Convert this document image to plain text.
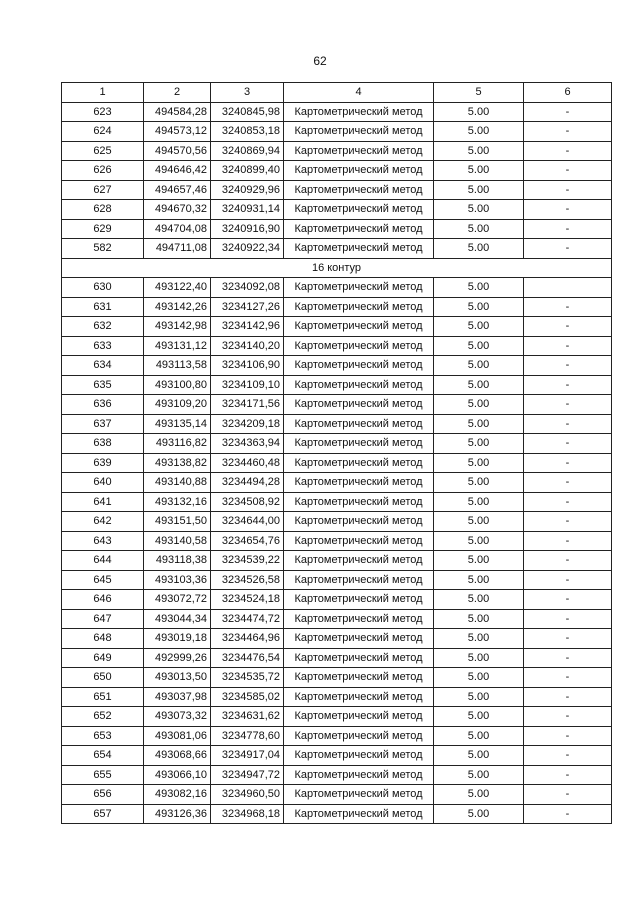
62
1	2	3	4	5	6
623	494584,28	3240845,98	Картометрический метод	5.00	-
624	494573,12	3240853,18	Картометрический метод	5.00	-
625	494570,56	3240869,94	Картометрический метод	5.00	-
626	494646,42	3240899,40	Картометрический метод	5.00	-
627	494657,46	3240929,96	Картометрический метод	5.00	-
628	494670,32	3240931,14	Картометрический метод	5.00	-
629	494704,08	3240916,90	Картометрический метод	5.00	-
582	494711,08	3240922,34	Картометрический метод	5.00	-
16 контур					
630	493122,40	3234092,08	Картометрический метод	5.00	
631	493142,26	3234127,26	Картометрический метод	5.00	-
632	493142,98	3234142,96	Картометрический метод	5.00	-
633	493131,12	3234140,20	Картометрический метод	5.00	-
634	493113,58	3234106,90	Картометрический метод	5.00	-
635	493100,80	3234109,10	Картометрический метод	5.00	-
636	493109,20	3234171,56	Картометрический метод	5.00	-
637	493135,14	3234209,18	Картометрический метод	5.00	-
638	493116,82	3234363,94	Картометрический метод	5.00	-
639	493138,82	3234460,48	Картометрический метод	5.00	-
640	493140,88	3234494,28	Картометрический метод	5.00	-
641	493132,16	3234508,92	Картометрический метод	5.00	-
642	493151,50	3234644,00	Картометрический метод	5.00	-
643	493140,58	3234654,76	Картометрический метод	5.00	-
644	493118,38	3234539,22	Картометрический метод	5.00	-
645	493103,36	3234526,58	Картометрический метод	5.00	-
646	493072,72	3234524,18	Картометрический метод	5.00	-
647	493044,34	3234474,72	Картометрический метод	5.00	-
648	493019,18	3234464,96	Картометрический метод	5.00	-
649	492999,26	3234476,54	Картометрический метод	5.00	-
650	493013,50	3234535,72	Картометрический метод	5.00	-
651	493037,98	3234585,02	Картометрический метод	5.00	-
652	493073,32	3234631,62	Картометрический метод	5.00	-
653	493081,06	3234778,60	Картометрический метод	5.00	-
654	493068,66	3234917,04	Картометрический метод	5.00	-
655	493066,10	3234947,72	Картометрический метод	5.00	-
656	493082,16	3234960,50	Картометрический метод	5.00	-
657	493126,36	3234968,18	Картометрический метод	5.00	-
